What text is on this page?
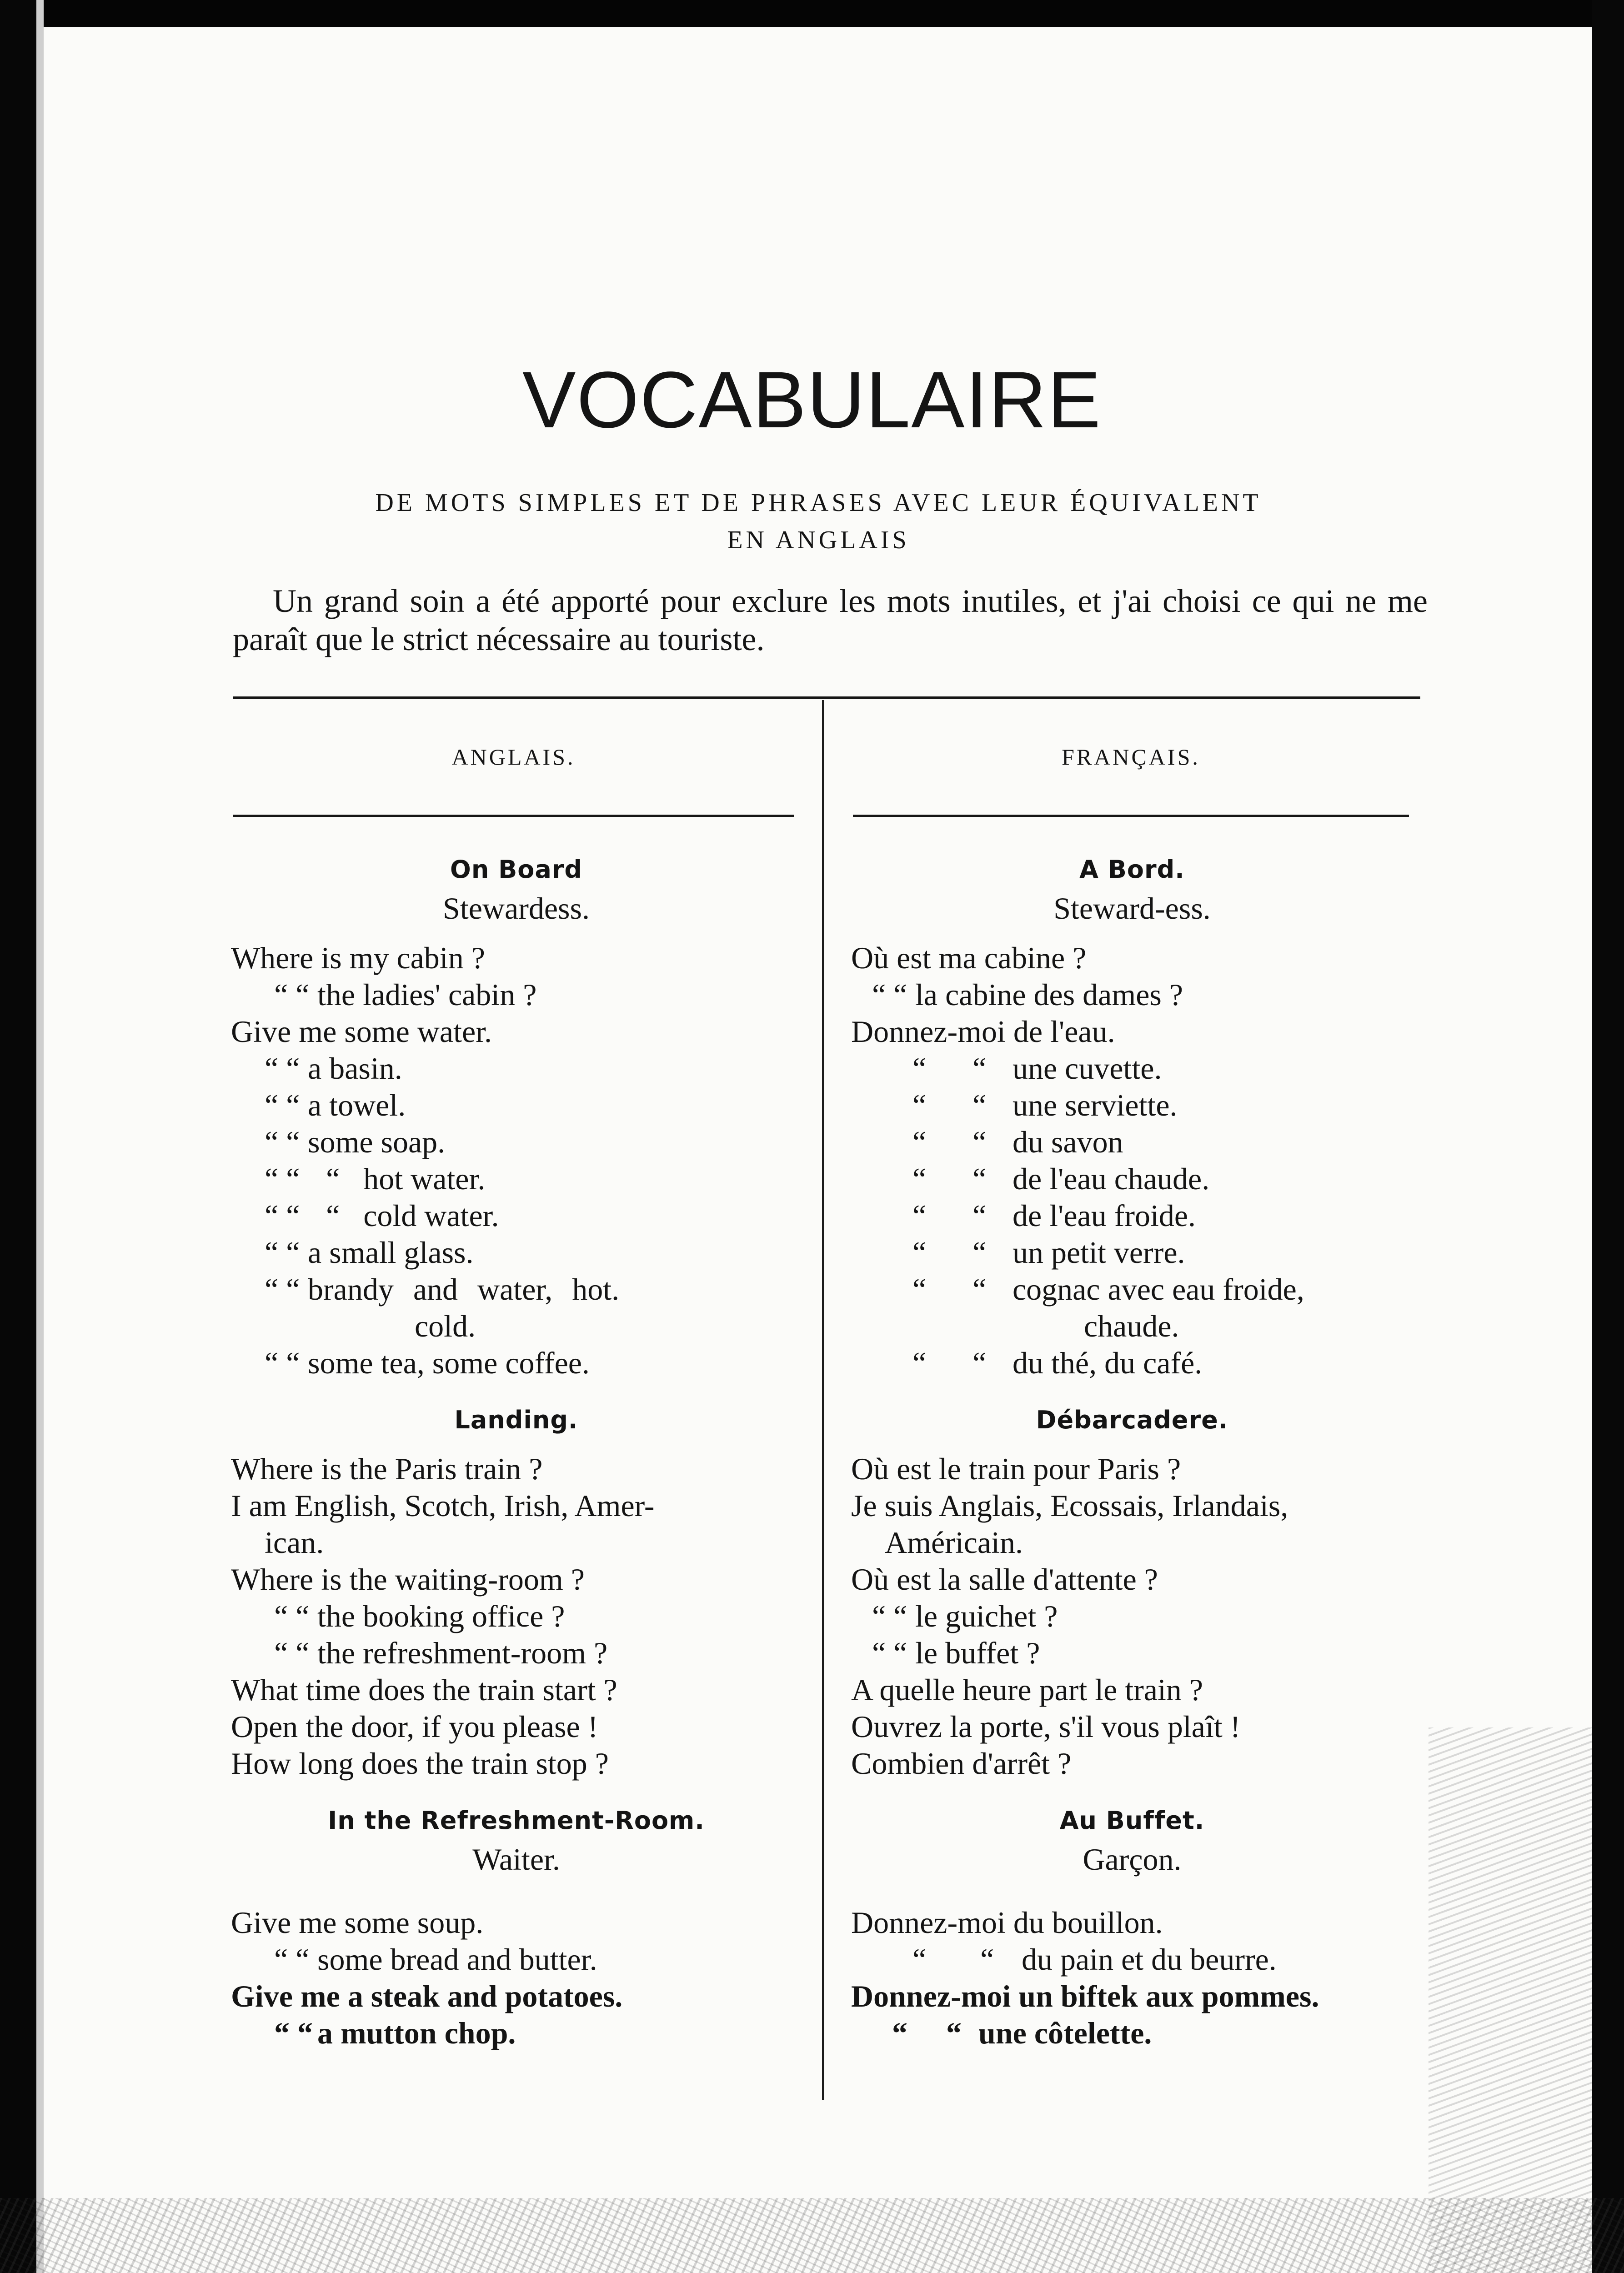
VOCABULAIRE
DE MOTS SIMPLES ET DE PHRASES AVEC LEUR ÉQUIVALENT
EN ANGLAIS

Un grand soin a été apporté pour exclure les mots inutiles, et j'ai choisi ce qui ne me paraît que le strict nécessaire au touriste.

ANGLAIS.	FRANÇAIS.
On Board
Stewardess.
Where is my cabin ?
“ “ the ladies' cabin ?
Give me some water.
“ “ a basin.
“ “ a towel.
“ “ some soap.
“ “ “ hot water.
“ “ “ cold water.
“ “ a small glass.
“ “ brandy and water, hot.
cold.
“ “ some tea, some coffee.
Landing.
Where is the Paris train ?
I am English, Scotch, Irish, Amer-
ican.
Where is the waiting-room ?
“ “ the booking office ?
“ “ the refreshment-room ?
What time does the train start ?
Open the door, if you please !
How long does the train stop ?
In the Refreshment-Room.
Waiter.
Give me some soup.
“ “ some bread and butter.
Give me a steak and potatoes.
“ “ a mutton chop.
A Bord.
Steward-ess.
Où est ma cabine ?
“ “ la cabine des dames ?
Donnez-moi de l'eau.
“      “ une cuvette.
“      “ une serviette.
“      “ du savon
“      “ de l'eau chaude.
“      “ de l'eau froide.
“      “ un petit verre.
“      “ cognac avec eau froide,
chaude.
“      “ du thé, du café.
Débarcadere.
Où est le train pour Paris ?
Je suis Anglais, Ecossais, Irlandais,
Américain.
Où est la salle d'attente ?
“ “ le guichet ?
“ “ le buffet ?
A quelle heure part le train ?
Ouvrez la porte, s'il vous plaît !
Combien d'arrêt ?
Au Buffet.
Garçon.
Donnez-moi du bouillon.
“       “ du pain et du beurre.
Donnez-moi un biftek aux pommes.
“     “ une côtelette.
